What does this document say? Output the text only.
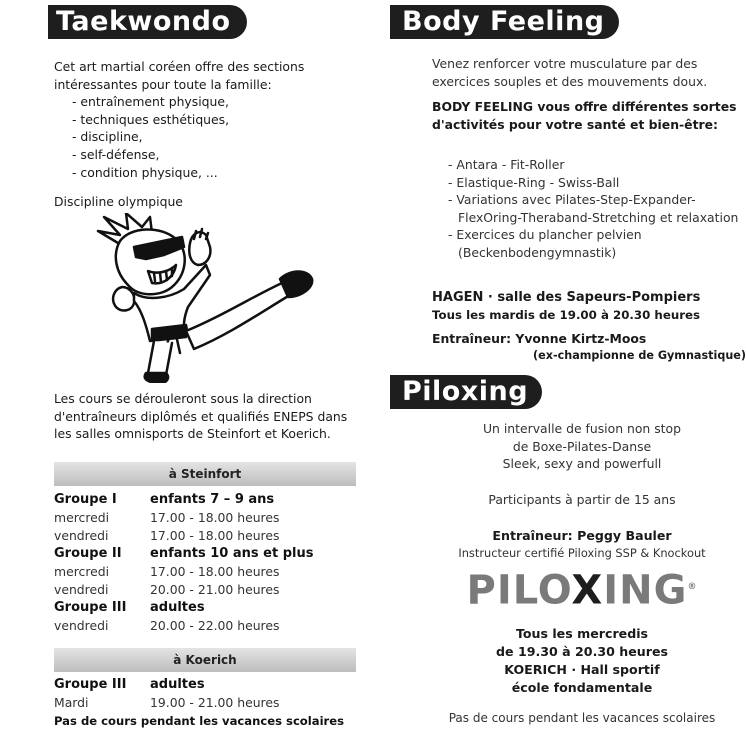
Taekwondo

Cet art martial coréen offre des sections intéressantes pour toute la famille:

- entraînement physique,
- techniques esthétiques,
- discipline,
- self-défense,
- condition physique, ...

Discipline olympique

Les cours se dérouleront sous la direction d'entraîneurs diplômés et qualifiés ENEPS dans les salles omnisports de Steinfort et Koerich.

à Steinfort
Groupe I	enfants 7 – 9 ans
mercredi	17.00 - 18.00 heures
vendredi	17.00 - 18.00 heures
Groupe II	enfants 10 ans et plus
mercredi	17.00 - 18.00 heures
vendredi	20.00 - 21.00 heures
Groupe III	adultes
vendredi	20.00 - 22.00 heures
à Koerich
Groupe III	adultes
Mardi	19.00 - 21.00 heures
Pas de cours pendant les vacances scolaires
Body Feeling

Venez renforcer votre musculature par des exercices souples et des mouvements doux.

BODY FEELING vous offre différentes sortes d'activités pour votre santé et bien-être:

- Antara - Fit-Roller
- Elastique-Ring - Swiss-Ball
- Variations avec Pilates-Step-Expander-FlexOring-Theraband-Stretching et relaxation
- Exercices du plancher pelvien (Beckenbodengymnastik)
HAGEN · salle des Sapeurs-Pompiers
Tous les mardis de 19.00 à 20.30 heures
Entraîneur: Yvonne Kirtz-Moos
(ex-championne de Gymnastique)
Piloxing
Un intervalle de fusion non stop
de Boxe-Pilates-Danse
Sleek, sexy and powerfull
Participants à partir de 15 ans
Entraîneur: Peggy Bauler
Instructeur certifié Piloxing SSP & Knockout
PILOXING®
Tous les mercredis
de 19.30 à 20.30 heures
KOERICH · Hall sportif
école fondamentale
Pas de cours pendant les vacances scolaires
